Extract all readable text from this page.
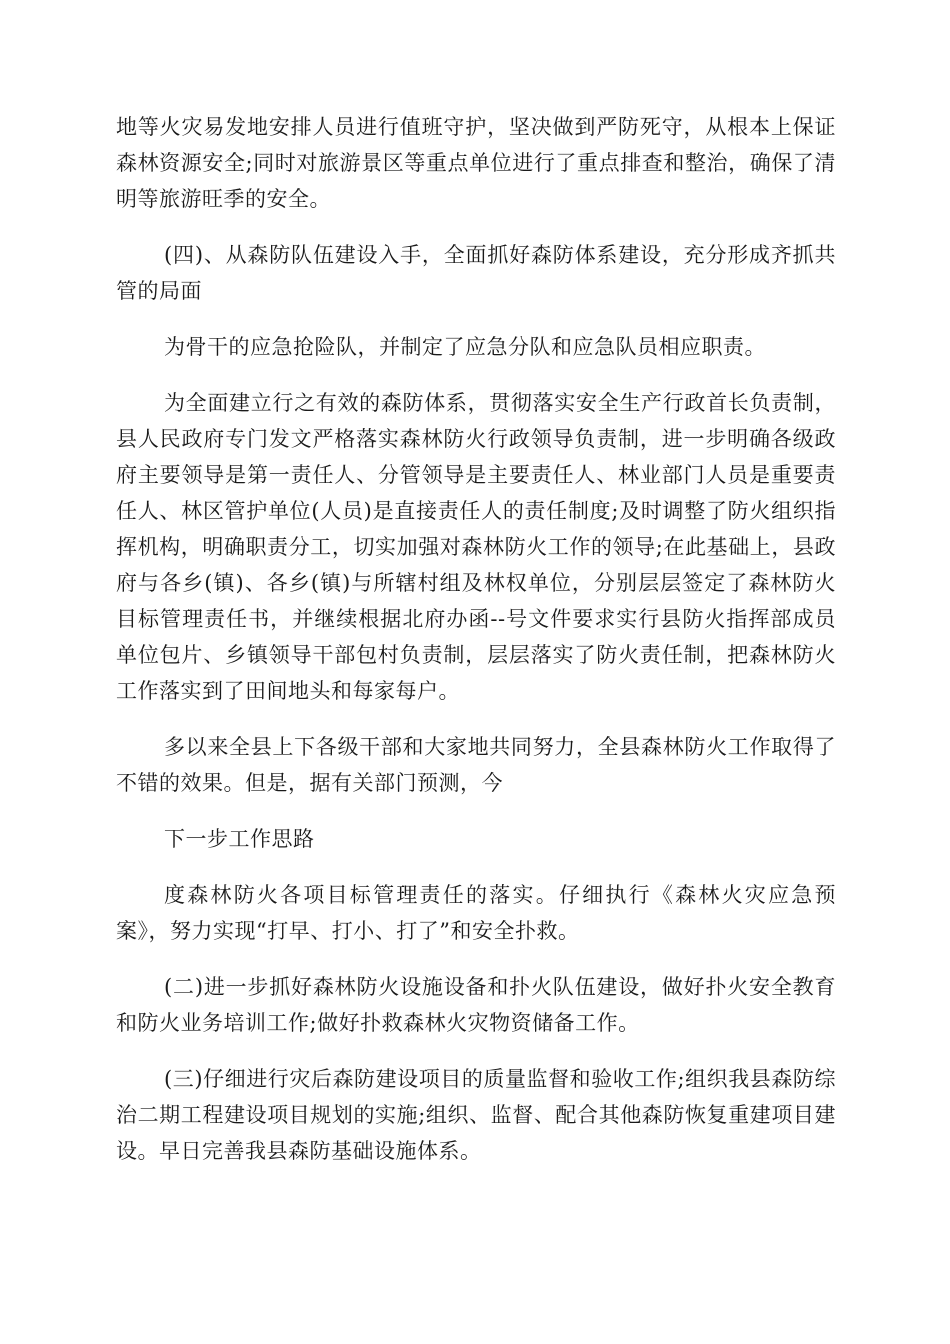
地等火灾易发地安排人员进行值班守护，坚决做到严防死守，从根本上保证森林资源安全;同时对旅游景区等重点单位进行了重点排查和整治，确保了清明等旅游旺季的安全。

(四)、从森防队伍建设入手，全面抓好森防体系建设，充分形成齐抓共管的局面

为骨干的应急抢险队，并制定了应急分队和应急队员相应职责。

为全面建立行之有效的森防体系，贯彻落实安全生产行政首长负责制，县人民政府专门发文严格落实森林防火行政领导负责制，进一步明确各级政府主要领导是第一责任人、分管领导是主要责任人、林业部门人员是重要责任人、林区管护单位(人员)是直接责任人的责任制度;及时调整了防火组织指挥机构，明确职责分工，切实加强对森林防火工作的领导;在此基础上，县政府与各乡(镇)、各乡(镇)与所辖村组及林权单位，分别层层签定了森林防火目标管理责任书，并继续根据北府办函--号文件要求实行县防火指挥部成员单位包片、乡镇领导干部包村负责制，层层落实了防火责任制，把森林防火工作落实到了田间地头和每家每户。

多以来全县上下各级干部和大家地共同努力，全县森林防火工作取得了不错的效果。但是，据有关部门预测，今

下一步工作思路

度森林防火各项目标管理责任的落实。仔细执行《森林火灾应急预案》，努力实现“打早、打小、打了”和安全扑救。

(二)进一步抓好森林防火设施设备和扑火队伍建设，做好扑火安全教育和防火业务培训工作;做好扑救森林火灾物资储备工作。

(三)仔细进行灾后森防建设项目的质量监督和验收工作;组织我县森防综治二期工程建设项目规划的实施;组织、监督、配合其他森防恢复重建项目建设。早日完善我县森防基础设施体系。
